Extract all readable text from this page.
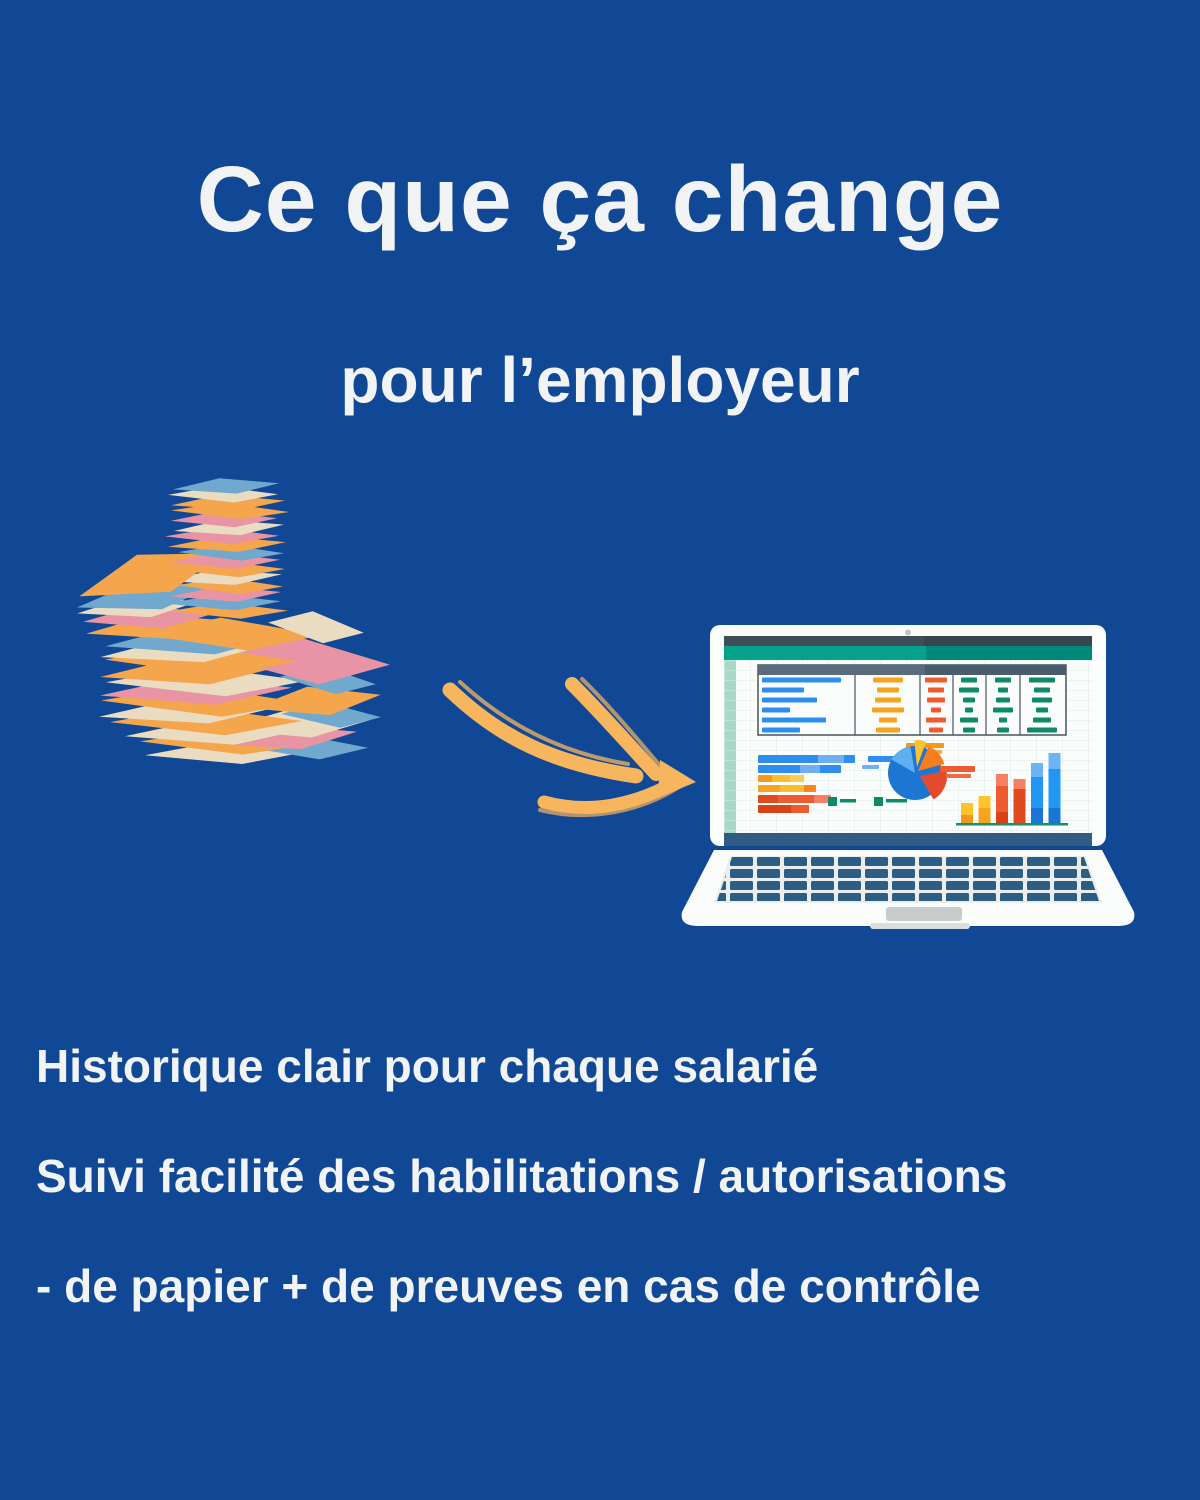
Ce que ça change
pour l’employeur
Historique clair pour chaque salarié
Suivi facilité des habilitations / autorisations
- de papier + de preuves en cas de contrôle
